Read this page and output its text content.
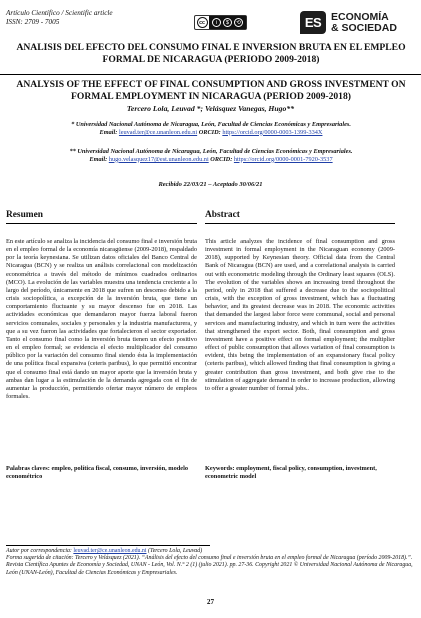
Artículo Científico / Scientific article
ISSN: 2709 - 7005	cc	i	$	⟲	ES ECONOMÍA
& SOCIEDAD
ANALISIS DEL EFECTO DEL CONSUMO FINAL E INVERSION BRUTA EN EL EMPLEO FORMAL DE NICARAGUA (PERIODO 2009-2018)
ANALYSIS OF THE EFFECT OF FINAL CONSUMPTION AND GROSS INVESTMENT ON FORMAL EMPLOYMENT IN NICARAGUA (PERIOD 2009-2018)
Tercero Lola, Leuvad *; Velásquez Vanegas, Hugo**
* Universidad Nacional Autónoma de Nicaragua, León, Facultad de Ciencias Económicas y Empresariales.
Email: leuvad.ter@ce.unanleon.edu.ni ORCID: https://orcid.org/0000-0003-1399-334X
** Universidad Nacional Autónoma de Nicaragua, León, Facultad de Ciencias Económicas y Empresariales.
Email: hugo.velasquez17@est.unanleon.edu.ni ORCID: https://orcid.org/0000-0001-7920-3537
Recibido 22/03/21 – Aceptado 30/06/21
Resumen
En este artículo se analiza la incidencia del consumo final e inversión bruta en el empleo formal de la economía nicaragüense (2009-2018), respaldado por la teoría keynesiana. Se utilizan datos oficiales del Banco Central de Nicaragua (BCN) y se realiza un análisis correlacional con modelización econométrica a través del método de mínimos cuadrados ordinarios (MCO). La evolución de las variables muestra una tendencia creciente a lo largo del período, únicamente en 2018 que sufren un descenso debido a la crisis sociopolítica, a excepción de la inversión bruta, que tiene un comportamiento fluctuante y su mayor descenso fue en 2018. Las actividades económicas que demandaron mayor fuerza laboral fueron servicios comunales, sociales y personales y la industria manufacturera, y que a su vez fueron las actividades que fortalecieron el sector exportador. Tanto el consumo final como la inversión bruta tienen un efecto positivo en el empleo formal; se evidencia el efecto multiplicador del consumo público por la variación del consumo final siendo ésta la implementación de una política fiscal expansiva (ceteris paribus), lo que permitió encontrar que el consumo final está dando un mayor aporte que la inversión bruta y ambas dan lugar a la estimulación de la demanda agregada con el fin de aumentar la producción, permitiendo ofertar mayor número de empleos formales.
Palabras claves: empleo, política fiscal, consumo, inversión, modelo econométrico
Abstract
This article analyzes the incidence of final consumption and gross investment in formal employment in the Nicaraguan economy (2009-2018), supported by Keynesian theory. Official data from the Central Bank of Nicaragua (BCN) are used, and a correlational analysis is carried out with econometric modeling through the Ordinary least squares (OLS). The evolution of the variables shows an increasing trend throughout the period, only in 2018 that suffered a decrease due to the sociopolitical crisis, with the exception of gross investment, which has a fluctuating behavior, and its greatest decrease was in 2018. The economic activities that demanded the largest labor force were communal, social and personal services and manufacturing industry, and which in turn were the activities that strengthened the export sector. Both, final consumption and gross investment have a positive effect on formal employment; the multiplier effect of public consumption that allows variation of final consumption is evident, this being the implementation of an expansionary fiscal policy (ceteris paribus), which allowed finding that final consumption is giving a greater contribution than gross investment, and both give rise to the stimulation of aggregate demand in order to increase production, allowing to offer a greater number of formal jobs..
Keywords: employment, fiscal policy, consumption, investment, econometric model
Autor por correspondencia: leuvad.ter@ce.unanleon.edu.ni (Tercero Lola, Leuvad)
Forma sugerida de citación: Tercero y Velásquez (2021). “Análisis del efecto del consumo final e inversión bruta en el empleo formal de Nicaragua (período 2009-2018).”. Revista Científica Apuntes de Economía y Sociedad, UNAN - León, Vol. N.° 2 (1) (julio 2021). pp. 27-36. Copyright 2021 © Universidad Nacional Autónoma de Nicaragua, León (UNAN-León), Facultad de Ciencias Económicas y Empresariales.
27
